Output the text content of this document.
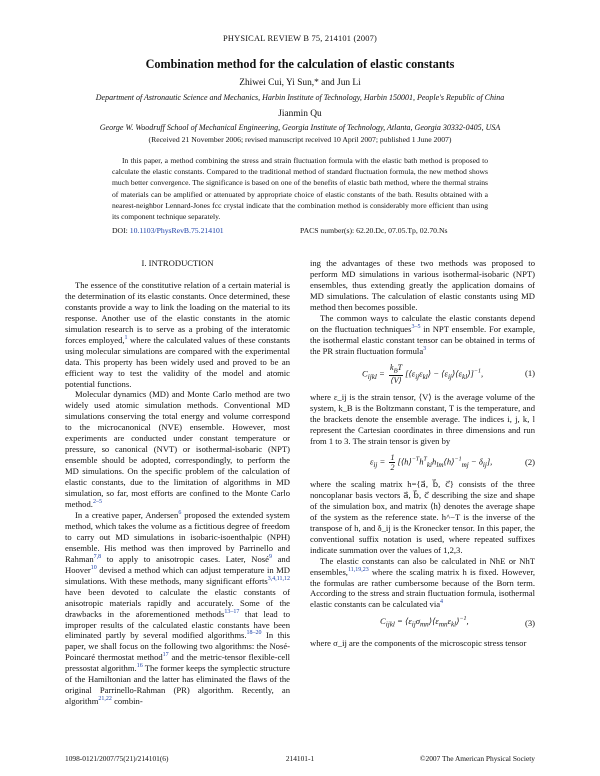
PHYSICAL REVIEW B 75, 214101 (2007)
Combination method for the calculation of elastic constants
Zhiwei Cui, Yi Sun,* and Jun Li
Department of Astronautic Science and Mechanics, Harbin Institute of Technology, Harbin 150001, People's Republic of China
Jianmin Qu
George W. Woodruff School of Mechanical Engineering, Georgia Institute of Technology, Atlanta, Georgia 30332-0405, USA
(Received 21 November 2006; revised manuscript received 10 April 2007; published 1 June 2007)

In this paper, a method combining the stress and strain fluctuation formula with the elastic bath method is proposed to calculate the elastic constants. Compared to the traditional method of standard fluctuation formula, the new method shows much better convergence. The significance is based on one of the benefits of elastic bath method, where the thermal strains of materials can be amplified or attenuated by appropriate choice of elastic constants of the bath. Results obtained with a nearest-neighbor Lennard-Jones fcc crystal indicate that the combination method is considerably more efficient than using its component technique separately.

DOI: 10.1103/PhysRevB.75.214101	PACS number(s): 62.20.Dc, 07.05.Tp, 02.70.Ns

I. INTRODUCTION

The essence of the constitutive relation of a certain material is the determination of its elastic constants. Once determined, these constants provide a way to link the loading on the material to its response. Another use of the elastic constants in the atomic simulation research is to serve as a probing of the interatomic forces employed,$^1$ where the calculated values of these constants using molecular simulations are compared with the experimental data. This property has been widely used and proved to be an efficient way to test the validity of the model and atomic potential functions.

Molecular dynamics (MD) and Monte Carlo method are two widely used atomic simulation methods. Conventional MD simulations conserving the total energy and volume correspond to the microcanonical (NVE) ensemble. However, most experiments are conducted under constant temperature or pressure, so canonical (NVT) or isothermal-isobaric (NPT) ensemble should be adopted, correspondingly, to perform the MD simulations. On the specific problem of the calculation of elastic constants, due to the limitation of algorithms in MD simulation, so far, most efforts are confined to the Monte Carlo method.$^{2-5}$

In a creative paper, Andersen$^6$ proposed the extended system method, which takes the volume as a fictitious degree of freedom to carry out MD simulations in isobaric-isoenthalpic (NPH) ensemble. His method was then improved by Parrinello and Rahman$^{7,8}$ to apply to anisotropic cases. Later, Nosé$^9$ and Hoover$^{10}$ devised a method which can adjust temperature in MD simulations. With these methods, many significant efforts$^{3,4,11,12}$ have been devoted to calculate the elastic constants of anisotropic materials rapidly and accurately. Some of the drawbacks in the aforementioned methods$^{13-17}$ that lead to improper results of the calculated elastic constants have been eliminated partly by several modified algorithms.$^{18-20}$ In this paper, we shall focus on the following two algorithms: the Nosé-Poincaré thermostat method$^{17}$ and the metric-tensor flexible-cell pressostat algorithm.$^{16}$ The former keeps the symplectic structure of the Hamiltonian and the latter has eliminated the flaws of the original Parrinello-Rahman (PR) algorithm. Recently, an algorithm$^{21,22}$ combin-

ing the advantages of these two methods was proposed to perform MD simulations in various isothermal-isobaric (NPT) ensembles, thus extending greatly the application domains of MD simulations. The calculation of elastic constants using MD method then becomes possible.

The common ways to calculate the elastic constants depend on the fluctuation techniques$^{3-5}$ in NPT ensemble. For example, the isothermal elastic constant tensor can be obtained in terms of the PR strain fluctuation formula$^3$

$C_{ijkl} = \frac{k_BT}{⟨V⟩}$ [$⟨\varepsilon_{ij}\varepsilon_{kl}⟩$ − $⟨\varepsilon_{ij}⟩⟨\varepsilon_{kl}⟩]^{-1}$,	(1)

where ε_ij is the strain tensor, ⟨V⟩ is the average volume of the system, k_B is the Boltzmann constant, T is the temperature, and the brackets denote the ensemble average. The indices i, j, k, l represent the Cartesian coordinates in three dimensions and run from 1 to 3. The strain tensor is given by

$\varepsilon_{ij} = \frac{1}{2}$ $[⟨h⟩^{-T}h^T_{ki}h_{lm}⟨h⟩^{-1}_{mj} - \delta_{ij}]$,	(2)

where the scaling matrix h={a⃗, b⃗, c⃗} consists of the three noncoplanar basis vectors a⃗, b⃗, c⃗ describing the size and shape of the simulation box, and matrix ⟨h⟩ denotes the average shape of the system as the reference state. h^−T is the inverse of the transpose of h, and δ_ij is the Kronecker tensor. In this paper, the conventional suffix notation is used, where repeated suffixes indicate summation over the values of 1,2,3.

The elastic constants can also be calculated in NhE or NhT ensembles,$^{11,19,23}$ where the scaling matrix h is fixed. However, the formulas are rather cumbersome because of the Born term. According to the stress and strain fluctuation formula, isothermal elastic constants can be calculated via$^4$

$C_{ijkl}$ = $⟨\varepsilon_{ij}\sigma_{mn}⟩⟨\varepsilon_{mn}\varepsilon_{kl}⟩^{-1}$,	(3)

where σ_ij are the components of the microscopic stress tensor

1098-0121/2007/75(21)/214101(6)	214101-1	©2007 The American Physical Society
